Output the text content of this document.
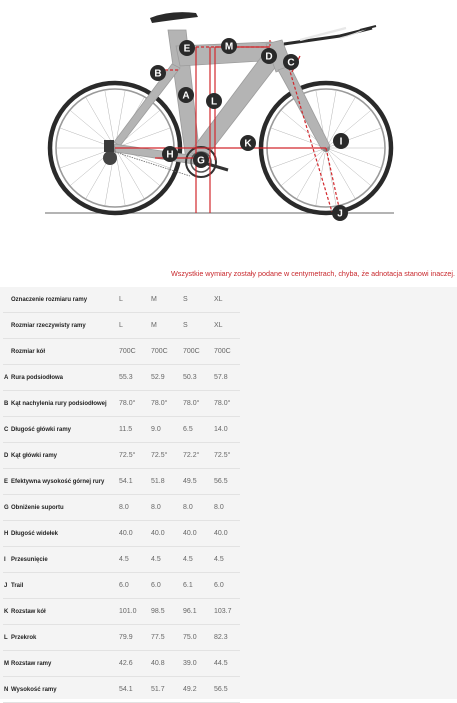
A
B
C
D
E
G
H
I
J
K
L
M
Wszystkie wymiary zostały podane w centymetrach, chyba, że adnotacja stanowi inaczej.
Oznaczenie rozmiaru ramy	L	M	S	XL
Rozmiar rzeczywisty ramy	L	M	S	XL
Rozmiar kół	700C 700C 700C 700C
A Rura podsiodłowa	55.3	52.9	50.3 57.8
B Kąt nachylenia rury podsiodłowej 78.0° 78.0° 78.0° 78.0°
C Długość główki ramy	11.5	9.0	6.5	14.0
D Kąt główki ramy	72.5° 72.5° 72.2° 72.5°
E Efektywna wysokość górnej rury 54.1	51.8	49.5 56.5
G Obniżenie suportu	8.0	8.0	8.0	8.0
H Długość widełek	40.0	40.0	40.0 40.0
I Przesunięcie	4.5	4.5	4.5	4.5
J Trail	6.0	6.0	6.1	6.0
K Rozstaw kół	101.0 98.5	96.1 103.7
L Przekrok	79.9	77.5	75.0 82.3
M Rozstaw ramy	42.6	40.8	39.0 44.5
N Wysokość ramy	54.1	51.7	49.2 56.5
